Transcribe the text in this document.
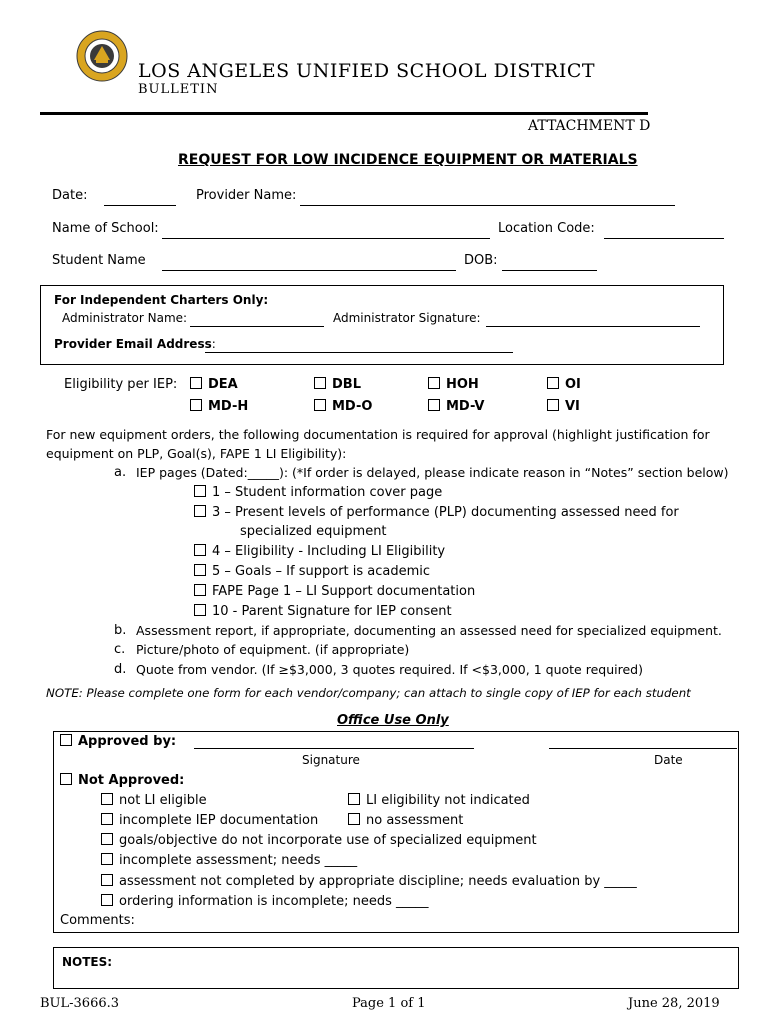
LOS ANGELES UNIFIED SCHOOL DISTRICT
BULLETIN
ATTACHMENT D
REQUEST FOR LOW INCIDENCE EQUIPMENT OR MATERIALS
Date:	Provider Name:
Name of School:	Location Code:
Student Name	DOB:
For Independent Charters Only:
Administrator Name:	Administrator Signature:
Provider Email Address:
Eligibility per IEP:	DEA	DBL	HOH	OI
MD-H	MD-O	MD-V	VI
For new equipment orders, the following documentation is required for approval (highlight justification for
equipment on PLP, Goal(s), FAPE 1 LI Eligibility):
a. IEP pages (Dated:_____): (*If order is delayed, please indicate reason in “Notes” section below)
1 – Student information cover page
3 – Present levels of performance (PLP) documenting assessed need for
specialized equipment
4 – Eligibility - Including LI Eligibility
5 – Goals – If support is academic
FAPE Page 1 – LI Support documentation
10 - Parent Signature for IEP consent
b. Assessment report, if appropriate, documenting an assessed need for specialized equipment.
c. Picture/photo of equipment. (if appropriate)
d. Quote from vendor. (If ≥$3,000, 3 quotes required. If <$3,000, 1 quote required)
NOTE: Please complete one form for each vendor/company; can attach to single copy of IEP for each student
Office Use Only
Approved by:
Signature	Date
Not Approved:
not LI eligible	LI eligibility not indicated
incomplete IEP documentation	no assessment
goals/objective do not incorporate use of specialized equipment
incomplete assessment; needs _____
assessment not completed by appropriate discipline; needs evaluation by _____
ordering information is incomplete; needs _____
Comments:
NOTES:
BUL-3666.3	Page 1 of 1	June 28, 2019
